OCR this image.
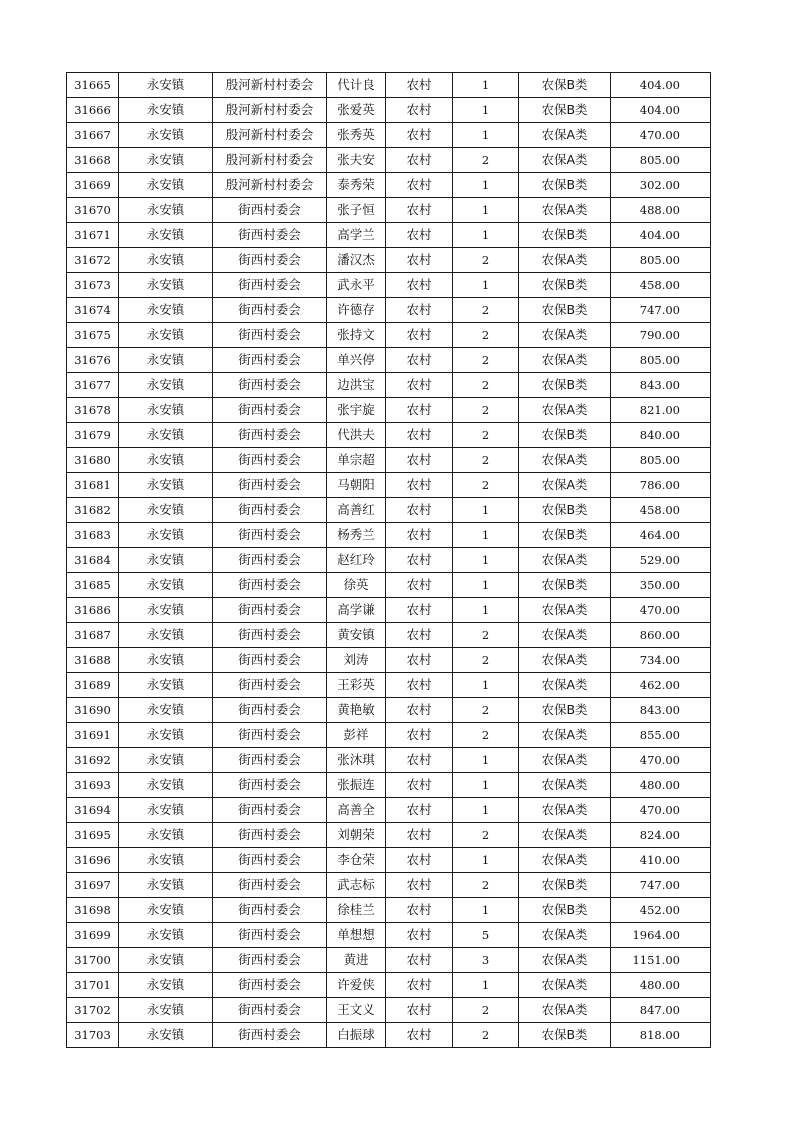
31665	永安镇	殷河新村村委会	代计良	农村	1	农保B类	404.00
31666	永安镇	殷河新村村委会	张爱英	农村	1	农保B类	404.00
31667	永安镇	殷河新村村委会	张秀英	农村	1	农保A类	470.00
31668	永安镇	殷河新村村委会	张夫安	农村	2	农保A类	805.00
31669	永安镇	殷河新村村委会	泰秀荣	农村	1	农保B类	302.00
31670	永安镇	街西村委会	张子恒	农村	1	农保A类	488.00
31671	永安镇	街西村委会	高学兰	农村	1	农保B类	404.00
31672	永安镇	街西村委会	潘汉杰	农村	2	农保A类	805.00
31673	永安镇	街西村委会	武永平	农村	1	农保B类	458.00
31674	永安镇	街西村委会	许德存	农村	2	农保B类	747.00
31675	永安镇	街西村委会	张持文	农村	2	农保A类	790.00
31676	永安镇	街西村委会	单兴停	农村	2	农保A类	805.00
31677	永安镇	街西村委会	边洪宝	农村	2	农保B类	843.00
31678	永安镇	街西村委会	张宇旋	农村	2	农保A类	821.00
31679	永安镇	街西村委会	代洪夫	农村	2	农保B类	840.00
31680	永安镇	街西村委会	单宗超	农村	2	农保A类	805.00
31681	永安镇	街西村委会	马朝阳	农村	2	农保A类	786.00
31682	永安镇	街西村委会	高善红	农村	1	农保B类	458.00
31683	永安镇	街西村委会	杨秀兰	农村	1	农保B类	464.00
31684	永安镇	街西村委会	赵红玲	农村	1	农保A类	529.00
31685	永安镇	街西村委会	徐英	农村	1	农保B类	350.00
31686	永安镇	街西村委会	高学谦	农村	1	农保A类	470.00
31687	永安镇	街西村委会	黄安镇	农村	2	农保A类	860.00
31688	永安镇	街西村委会	刘涛	农村	2	农保A类	734.00
31689	永安镇	街西村委会	王彩英	农村	1	农保A类	462.00
31690	永安镇	街西村委会	黄艳敏	农村	2	农保B类	843.00
31691	永安镇	街西村委会	彭祥	农村	2	农保A类	855.00
31692	永安镇	街西村委会	张沐琪	农村	1	农保A类	470.00
31693	永安镇	街西村委会	张振连	农村	1	农保A类	480.00
31694	永安镇	街西村委会	高善全	农村	1	农保A类	470.00
31695	永安镇	街西村委会	刘朝荣	农村	2	农保A类	824.00
31696	永安镇	街西村委会	李仓荣	农村	1	农保A类	410.00
31697	永安镇	街西村委会	武志标	农村	2	农保B类	747.00
31698	永安镇	街西村委会	徐桂兰	农村	1	农保B类	452.00
31699	永安镇	街西村委会	单想想	农村	5	农保A类	1964.00
31700	永安镇	街西村委会	黄进	农村	3	农保A类	1151.00
31701	永安镇	街西村委会	许爱侠	农村	1	农保A类	480.00
31702	永安镇	街西村委会	王文义	农村	2	农保A类	847.00
31703	永安镇	街西村委会	白振球	农村	2	农保B类	818.00
